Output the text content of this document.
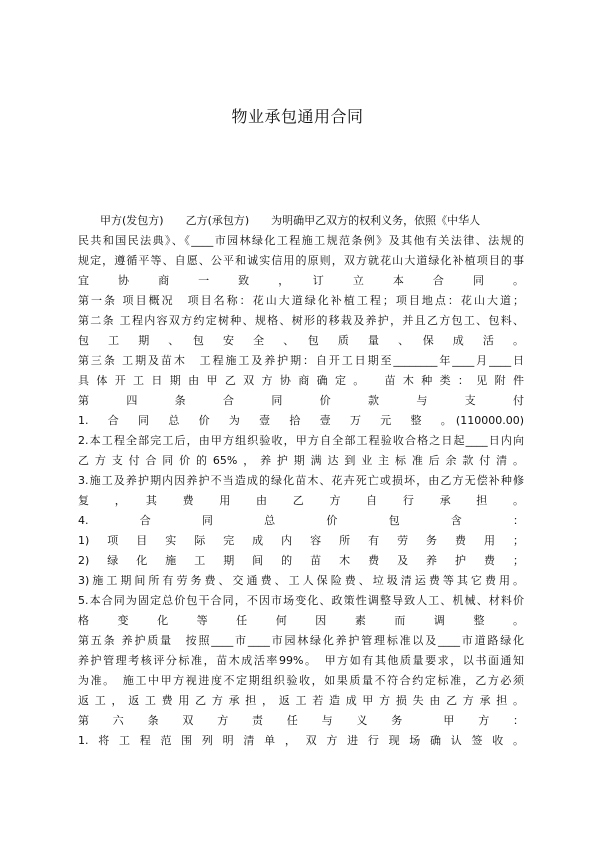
物业承包通用合同
　　甲方(发包方)　　乙方(承包方)　　为明确甲乙双方的权利义务，依照《中华人
民共和国民法典》、《____市园林绿化工程施工规范条例》及其他有关法律、法规的
规定，遵循平等、自愿、公平和诚实信用的原则，双方就花山大道绿化补植项目的事
宜　协　商　一　致　，　订　立　本　合　同　。
第一条 项目概况　项目名称：花山大道绿化补植工程；项目地点：花山大道；
第二条 工程内容双方约定树种、规格、树形的移栽及养护，并且乙方包工、包料、
包　工　期　、　包　安　全　、　包　质　量　、　保　成　活　。
第三条 工期及苗木　工程施工及养护期：自开工日期至________年____月____日
具体开工日期由甲乙双方协商确定。　苗木种类：见附件
第　四　条　合　同　价　款　与　支　付
1.　合　同　总　价　为　壹　拾　壹　万　元　整　。(110000.00)
2.本工程全部完工后，由甲方组织验收，甲方自全部工程验收合格之日起____日内向
乙方支付合同价的65%，养护期满达到业主标准后余款付清。
3.施工及养护期内因养护不当造成的绿化苗木、花卉死亡或损坏，由乙方无偿补种修
复　，　其　费　用　由　乙　方　自　行　承　担　。
4.　合　同　总　价　包　含　：
1)　项　目　实　际　完　成　内　容　所　有　劳　务　费　用　；
2)　绿　化　施　工　期　间　的　苗　木　费　及　养　护　费　；
3)施工期间所有劳务费、交通费、工人保险费、垃圾清运费等其它费用。
5.本合同为固定总价包干合同，不因市场变化、政策性调整导致人工、机械、材料价
格　变　化　等　任　何　因　素　而　调　整　。
第五条 养护质量　按照____市____市园林绿化养护管理标准以及____市道路绿化
养护管理考核评分标准，苗木成活率99%。　甲方如有其他质量要求，以书面通知
为准。　施工中甲方视进度不定期组织验收，如果质量不符合约定标准，乙方必须
返工，返工费用乙方承担，返工若造成甲方损失由乙方承担。
第　六　条　双　方　责　任　与　义　务　　甲　方　：
1.将工程范围列明清单，双方进行现场确认签收。
